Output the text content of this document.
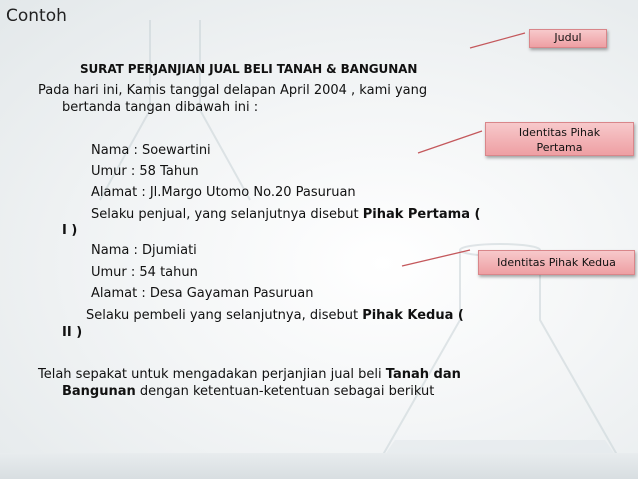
Contoh
SURAT PERJANJIAN JUAL BELI TANAH & BANGUNAN
Pada hari ini, Kamis tanggal delapan April 2004 , kami yang
bertanda tangan dibawah ini :
Nama : Soewartini
Umur : 58 Tahun
Alamat : Jl.Margo Utomo No.20 Pasuruan
Selaku penjual, yang selanjutnya disebut Pihak Pertama (
I )
Nama : Djumiati
Umur : 54 tahun
Alamat : Desa Gayaman Pasuruan
Selaku pembeli yang selanjutnya, disebut Pihak Kedua (
II )
Telah sepakat untuk mengadakan perjanjian jual beli Tanah dan
Bangunan dengan ketentuan-ketentuan sebagai berikut
Judul
Identitas Pihak
Pertama
Identitas Pihak Kedua
